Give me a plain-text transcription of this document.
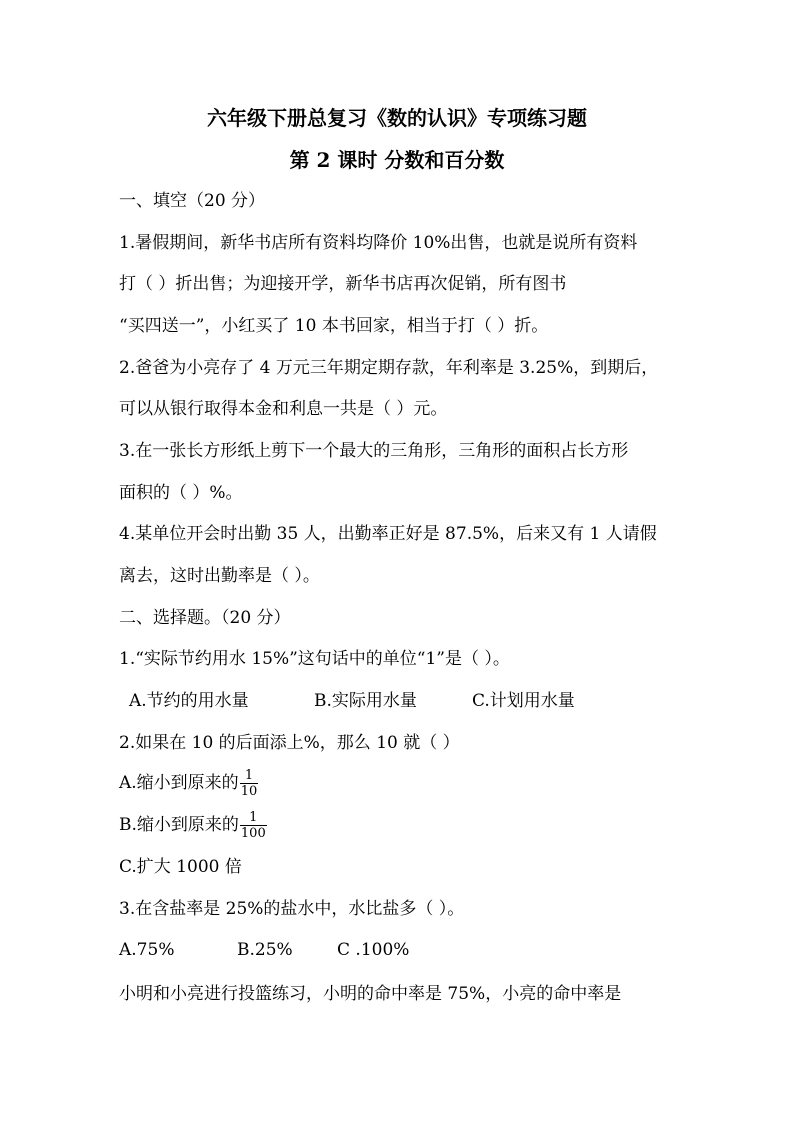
六年级下册总复习《数的认识》专项练习题
第 2 课时 分数和百分数
一、填空（20 分）
1.暑假期间，新华书店所有资料均降价 10%出售，也就是说所有资料
打（ ）折出售；为迎接开学，新华书店再次促销，所有图书
“买四送一”，小红买了 10 本书回家，相当于打（ ）折。
2.爸爸为小亮存了 4 万元三年期定期存款，年利率是 3.25%，到期后，
可以从银行取得本金和利息一共是（ ）元。
3.在一张长方形纸上剪下一个最大的三角形，三角形的面积占长方形
面积的（ ）%。
4.某单位开会时出勤 35 人，出勤率正好是 87.5%，后来又有 1 人请假
离去，这时出勤率是（ ）。
二、选择题。（20 分）
1.“实际节约用水 15%”这句话中的单位“1”是（ ）。
A.节约的用水量	B.实际用水量	C.计划用水量
2.如果在 10 的后面添上%，那么 10 就（ ）
A.缩小到原来的 $\frac{1}{10}$
B.缩小到原来的 $\frac{1}{100}$
C.扩大 1000 倍
3.在含盐率是 25%的盐水中，水比盐多（ ）。
A.75%	B.25%	C .100%
小明和小亮进行投篮练习，小明的命中率是 75%，小亮的命中率是
